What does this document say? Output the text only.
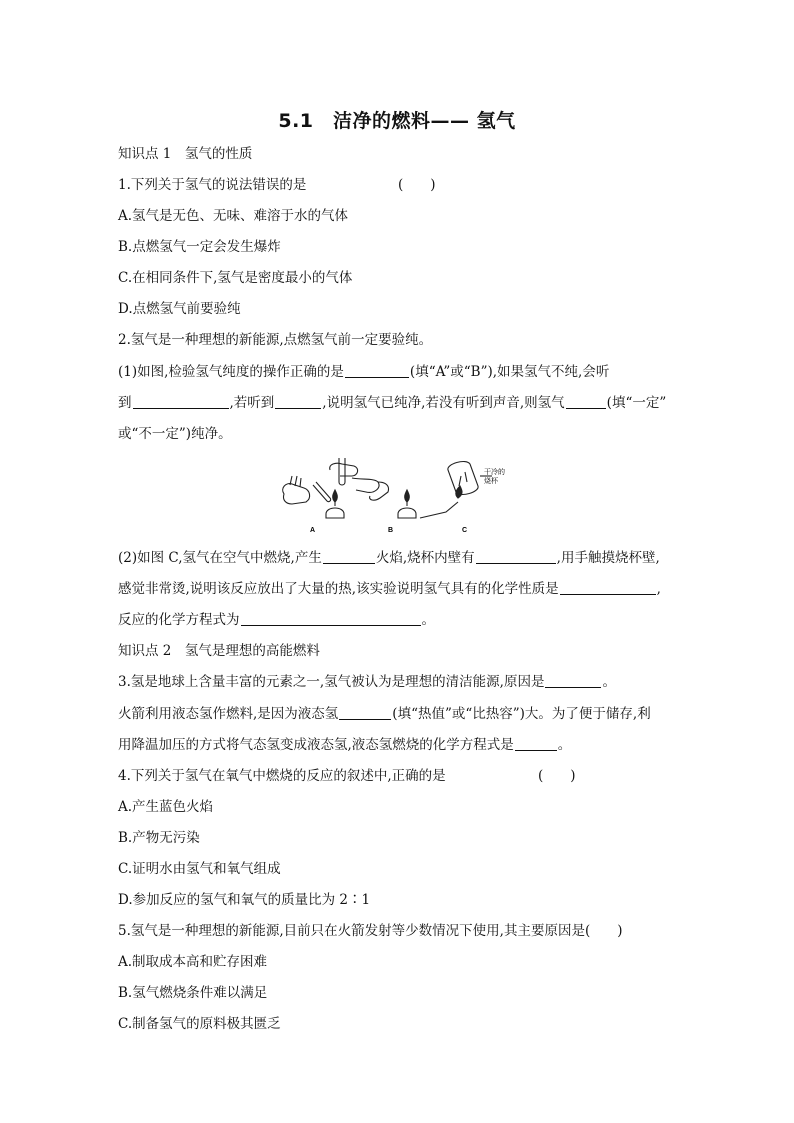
5.1　洁净的燃料—— 氢气
知识点 1　氢气的性质
1.下列关于氢气的说法错误的是	(　　)
A.氢气是无色、无味、难溶于水的气体
B.点燃氢气一定会发生爆炸
C.在相同条件下,氢气是密度最小的气体
D.点燃氢气前要验纯
2.氢气是一种理想的新能源,点燃氢气前一定要验纯。
(1)如图,检验氢气纯度的操作正确的是	(填“A”或“B”),如果氢气不纯,会听
到	,若听到	,说明氢气已纯净,若没有听到声音,则氢气	(填“一定”
或“不一定”)纯净。
A	B	C
干冷的
烧杯
(2)如图 C,氢气在空气中燃烧,产生	火焰,烧杯内壁有	,用手触摸烧杯壁,
感觉非常烫,说明该反应放出了大量的热,该实验说明氢气具有的化学性质是	,
反应的化学方程式为	。
知识点 2　氢气是理想的高能燃料
3.氢是地球上含量丰富的元素之一,氢气被认为是理想的清洁能源,原因是	。
火箭利用液态氢作燃料,是因为液态氢	(填“热值”或“比热容”)大。为了便于储存,利
用降温加压的方式将气态氢变成液态氢,液态氢燃烧的化学方程式是	。
4.下列关于氢气在氧气中燃烧的反应的叙述中,正确的是	(　　)
A.产生蓝色火焰
B.产物无污染
C.证明水由氢气和氧气组成
D.参加反应的氢气和氧气的质量比为 2∶1
5.氢气是一种理想的新能源,目前只在火箭发射等少数情况下使用,其主要原因是(　　)
A.制取成本高和贮存困难
B.氢气燃烧条件难以满足
C.制备氢气的原料极其匮乏
